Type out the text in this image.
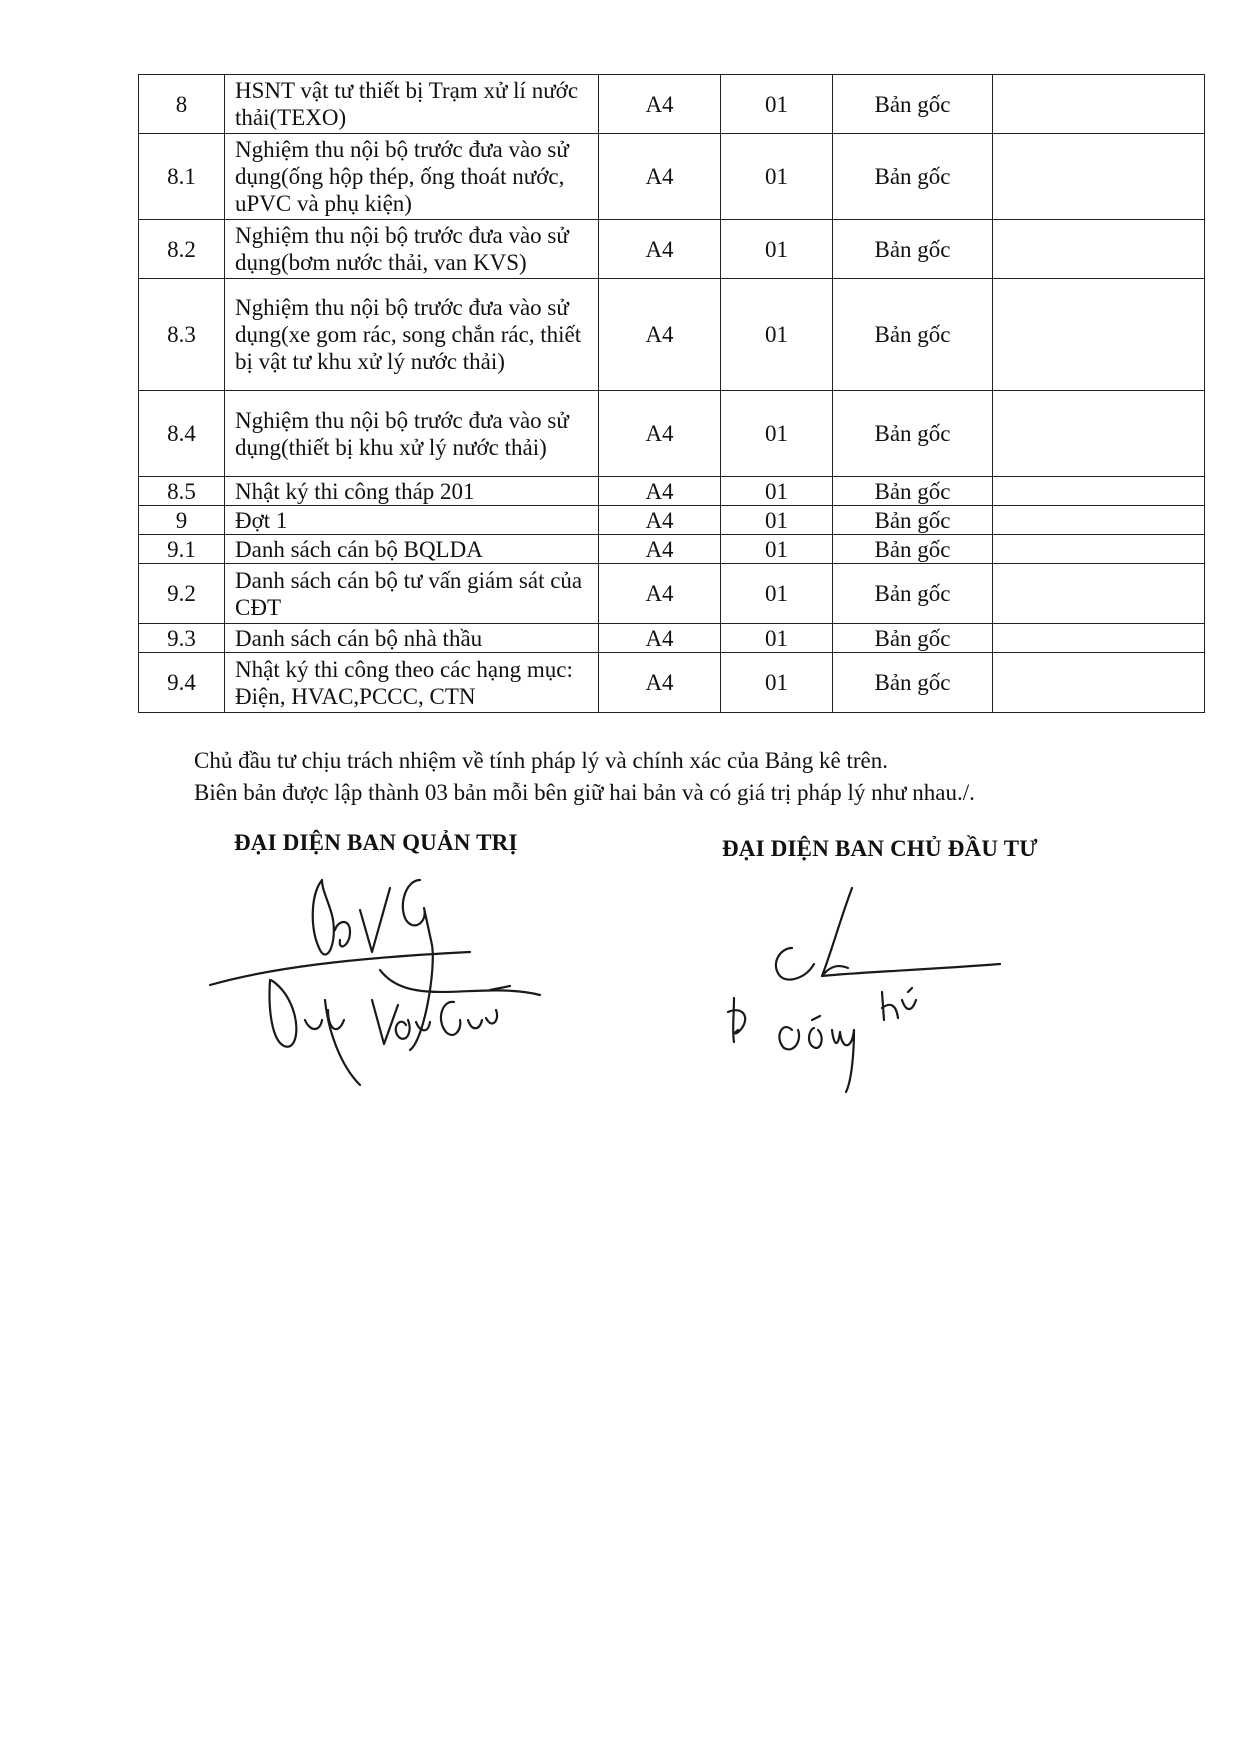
8	HSNT vật tư thiết bị Trạm xử lí nước thải(TEXO)	A4	01	Bản gốc	
8.1	Nghiệm thu nội bộ trước đưa vào sử dụng(ống hộp thép, ống thoát nước, uPVC và phụ kiện)	A4	01	Bản gốc	
8.2	Nghiệm thu nội bộ trước đưa vào sử dụng(bơm nước thải, van KVS)	A4	01	Bản gốc	
8.3	Nghiệm thu nội bộ trước đưa vào sử dụng(xe gom rác, song chắn rác, thiết bị vật tư khu xử lý nước thải)	A4	01	Bản gốc	
8.4	Nghiệm thu nội bộ trước đưa vào sử dụng(thiết bị khu xử lý nước thải)	A4	01	Bản gốc	
8.5	Nhật ký thi công tháp 201	A4	01	Bản gốc	
9	Đợt 1	A4	01	Bản gốc	
9.1	Danh sách cán bộ BQLDA	A4	01	Bản gốc	
9.2	Danh sách cán bộ tư vấn giám sát của CĐT	A4	01	Bản gốc	
9.3	Danh sách cán bộ nhà thầu	A4	01	Bản gốc	
9.4	Nhật ký thi công theo các hạng mục: Điện, HVAC,PCCC, CTN	A4	01	Bản gốc	

Chủ đầu tư chịu trách nhiệm về tính pháp lý và chính xác của Bảng kê trên.

Biên bản được lập thành 03 bản mỗi bên giữ hai bản và có giá trị pháp lý như nhau./.

ĐẠI DIỆN BAN QUẢN TRỊ	ĐẠI DIỆN BAN CHỦ ĐẦU TƯ
